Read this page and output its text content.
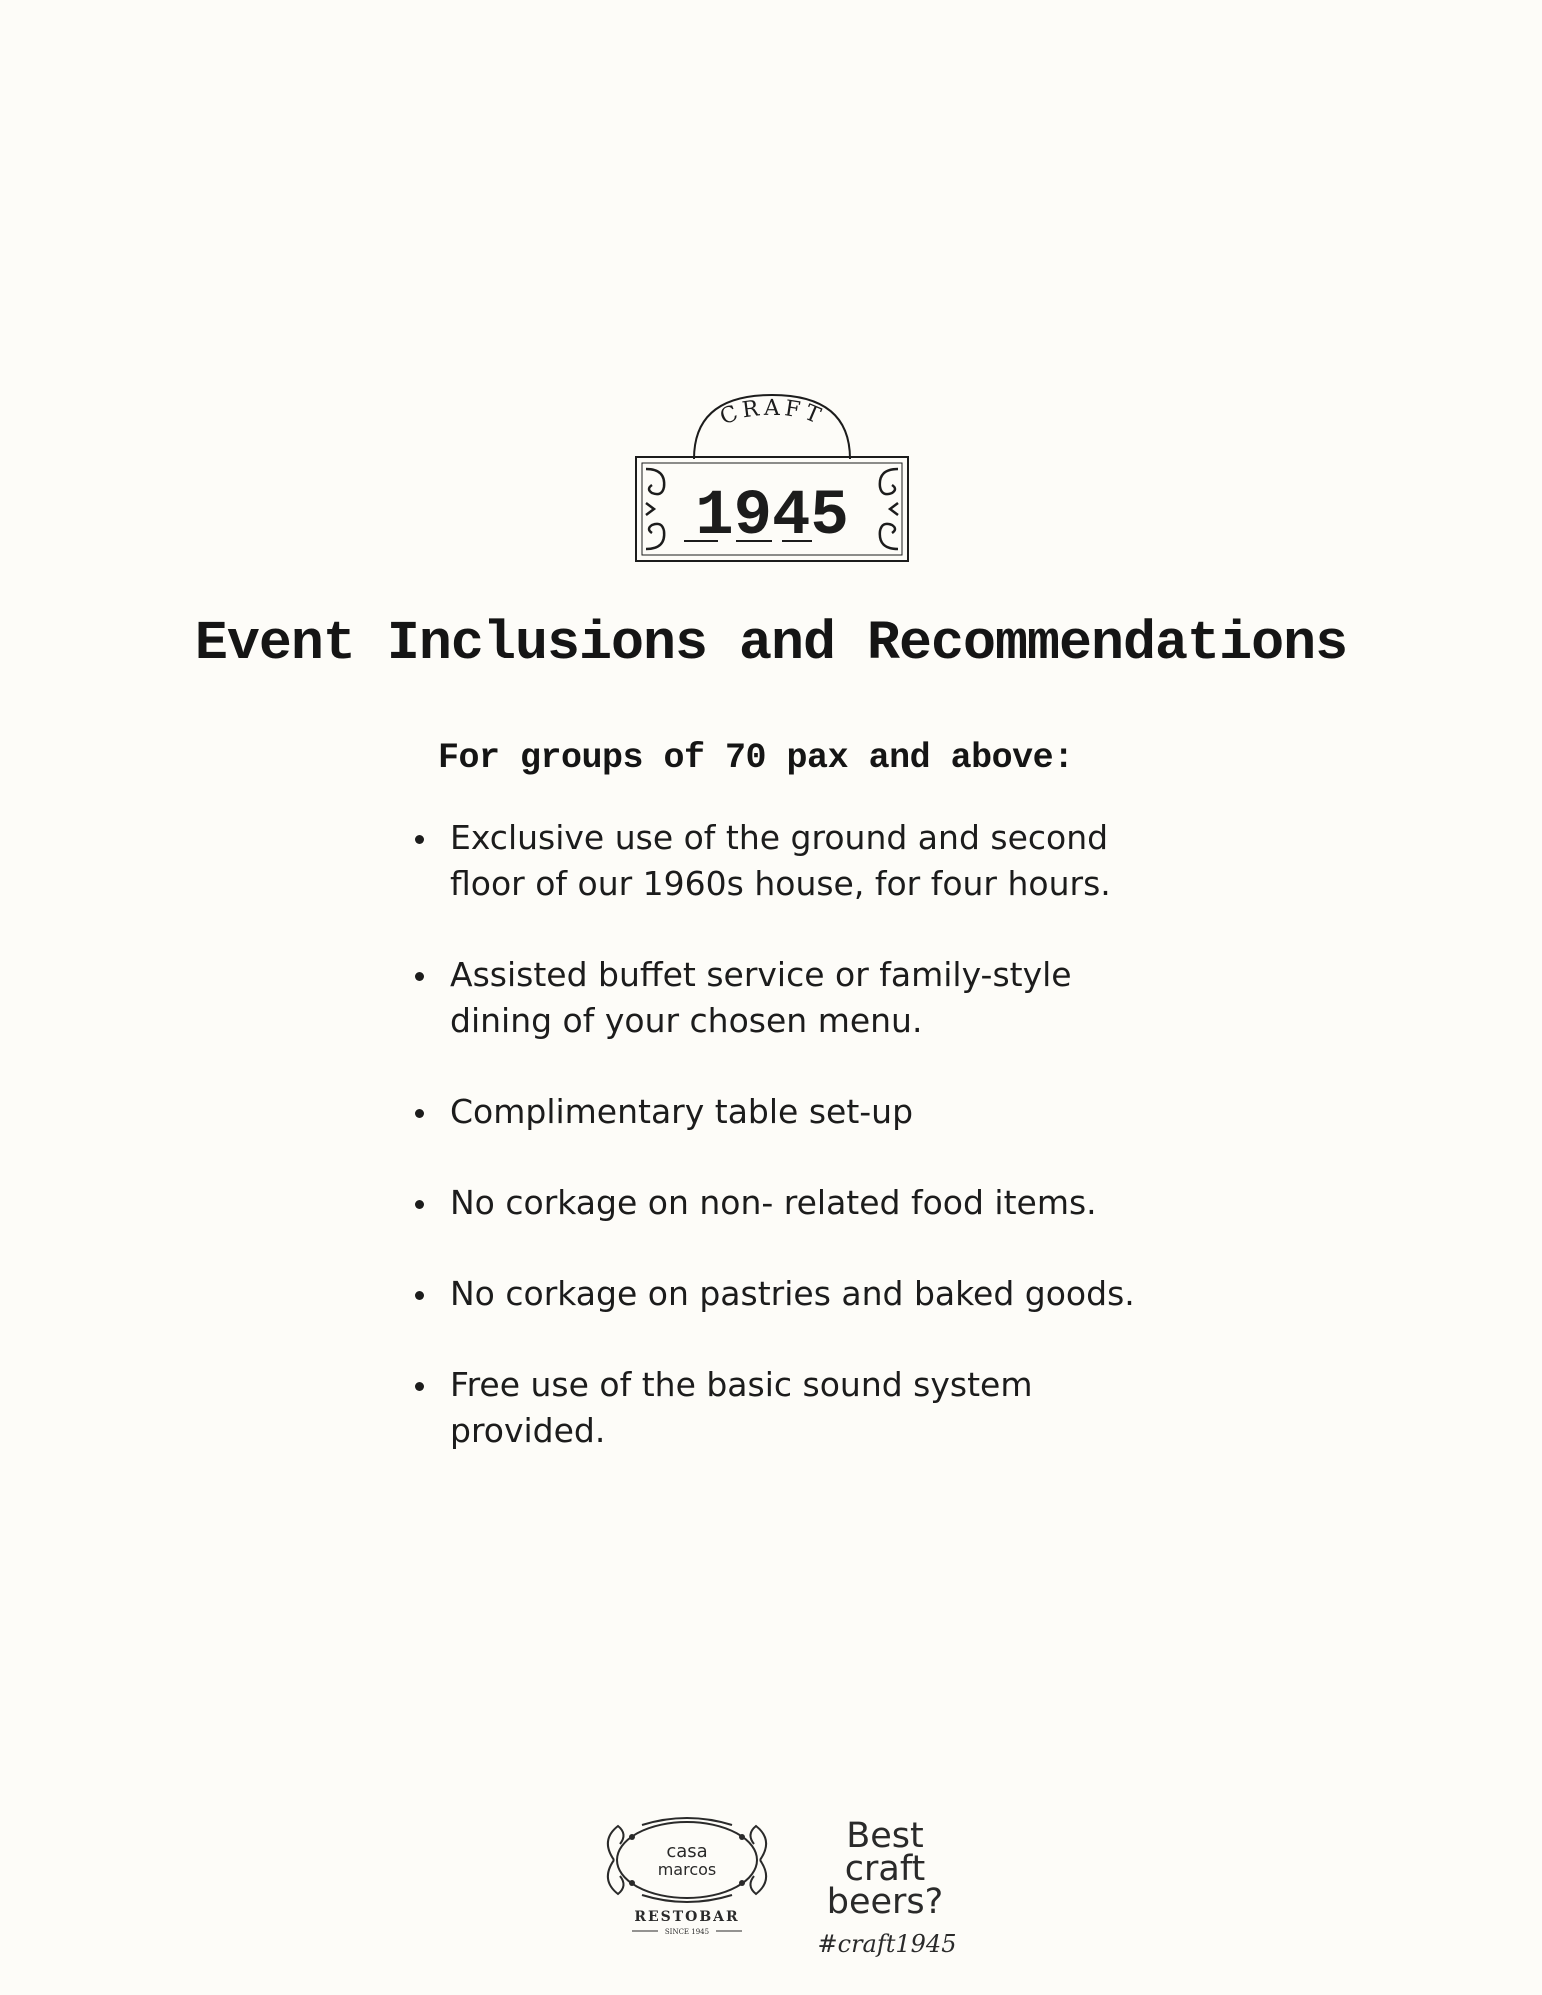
CRAFT
1945
Event Inclusions and Recommendations
For groups of 70 pax and above:
Exclusive use of the ground and second floor of our 1960s house, for four hours.
Assisted buffet service or family-style dining of your chosen menu.
Complimentary table set-up
No corkage on non- related food items.
No corkage on pastries and baked goods.
Free use of the basic sound system provided.
casa
marcos
RESTOBAR
SINCE 1945
Best
craft
beers?
#craft1945
